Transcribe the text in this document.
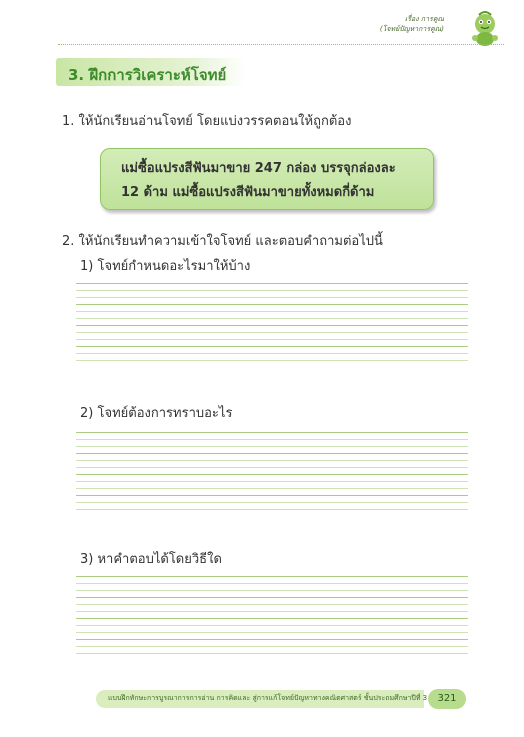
เรื่อง การคูณ
(โจทย์ปัญหาการคูณ)
3. ฝึกการวิเคราะห์โจทย์
1. ให้นักเรียนอ่านโจทย์ โดยแบ่งวรรคตอนให้ถูกต้อง
แม่ซื้อแปรงสีฟันมาขาย 247 กล่อง บรรจุกล่องละ
12 ด้าม แม่ซื้อแปรงสีฟันมาขายทั้งหมดกี่ด้าม
2. ให้นักเรียนทำความเข้าใจโจทย์ และตอบคำถามต่อไปนี้
1) โจทย์กำหนดอะไรมาให้บ้าง
2) โจทย์ต้องการทราบอะไร
3) หาคำตอบได้โดยวิธีใด
แบบฝึกทักษะการบูรณาการการอ่าน การคิดและ สู่การแก้โจทย์ปัญหาทางคณิตศาสตร์ ชั้นประถมศึกษาปีที่ 3	321
